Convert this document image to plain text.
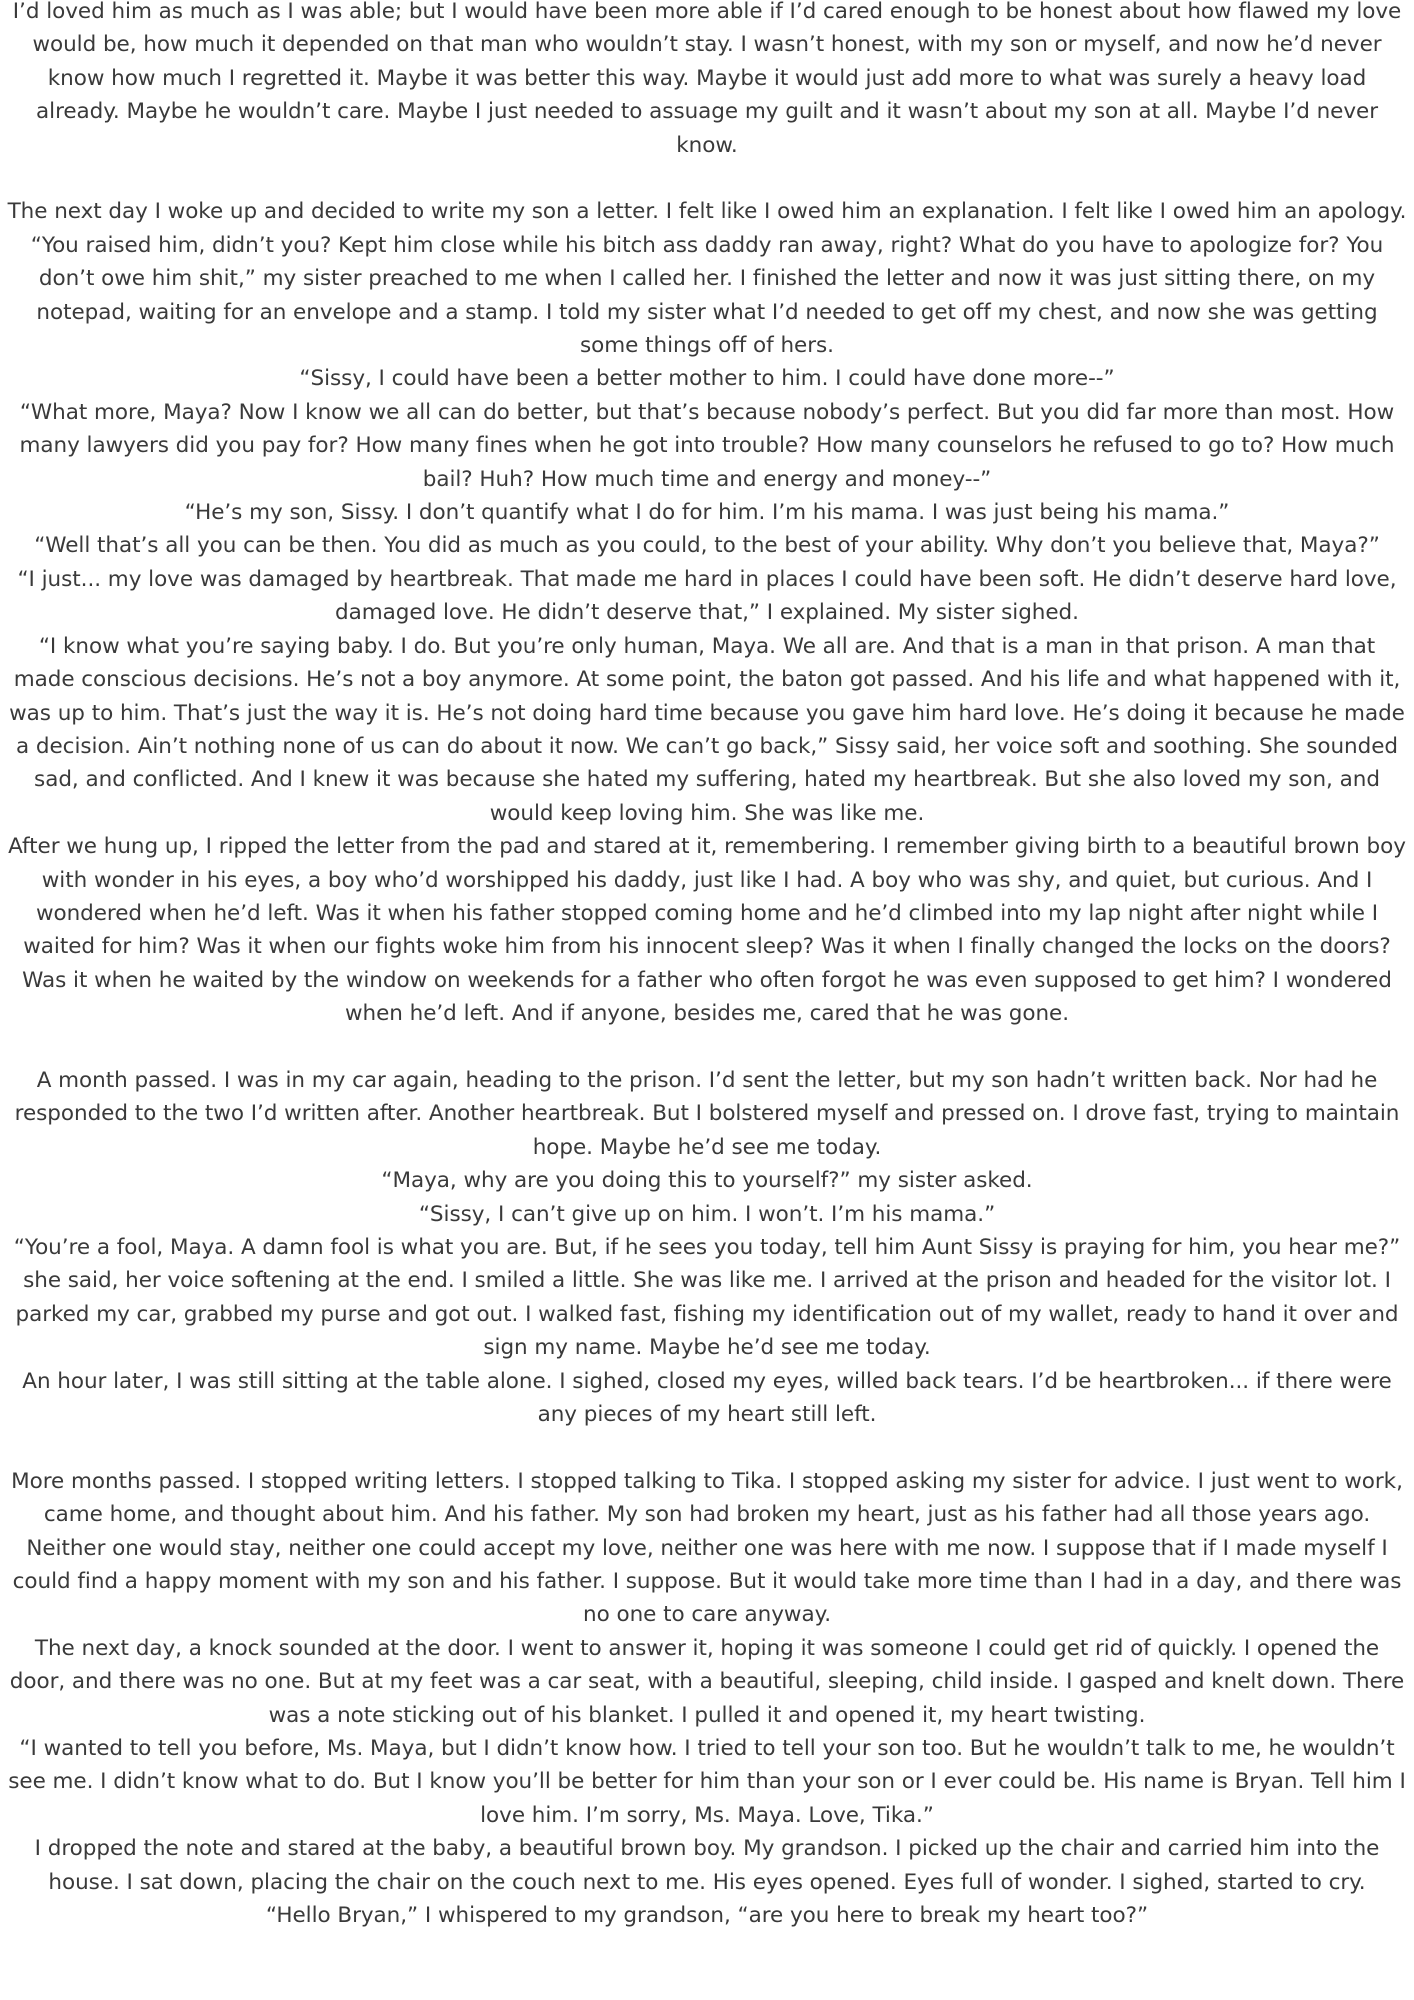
I’d loved him as much as I was able; but I would have been more able if I’d cared enough to be honest about how flawed my love would be, how much it depended on that man who wouldn’t stay. I wasn’t honest, with my son or myself, and now he’d never know how much I regretted it. Maybe it was better this way. Maybe it would just add more to what was surely a heavy load already. Maybe he wouldn’t care. Maybe I just needed to assuage my guilt and it wasn’t about my son at all. Maybe I’d never know.

The next day I woke up and decided to write my son a letter. I felt like I owed him an explanation. I felt like I owed him an apology.

“You raised him, didn’t you? Kept him close while his bitch ass daddy ran away, right? What do you have to apologize for? You don’t owe him shit,” my sister preached to me when I called her. I finished the letter and now it was just sitting there, on my notepad, waiting for an envelope and a stamp. I told my sister what I’d needed to get off my chest, and now she was getting some things off of hers.

“Sissy, I could have been a better mother to him. I could have done more--”

“What more, Maya? Now I know we all can do better, but that’s because nobody’s perfect. But you did far more than most. How many lawyers did you pay for? How many fines when he got into trouble? How many counselors he refused to go to? How much bail? Huh? How much time and energy and money--”

“He’s my son, Sissy. I don’t quantify what I do for him. I’m his mama. I was just being his mama.”

“Well that’s all you can be then. You did as much as you could, to the best of your ability. Why don’t you believe that, Maya?”

“I just... my love was damaged by heartbreak. That made me hard in places I could have been soft. He didn’t deserve hard love, damaged love. He didn’t deserve that,” I explained. My sister sighed.

“I know what you’re saying baby. I do. But you’re only human, Maya. We all are. And that is a man in that prison. A man that made conscious decisions. He’s not a boy anymore. At some point, the baton got passed. And his life and what happened with it, was up to him. That’s just the way it is. He’s not doing hard time because you gave him hard love. He’s doing it because he made a decision. Ain’t nothing none of us can do about it now. We can’t go back,” Sissy said, her voice soft and soothing. She sounded sad, and conflicted. And I knew it was because she hated my suffering, hated my heartbreak. But she also loved my son, and would keep loving him. She was like me.

After we hung up, I ripped the letter from the pad and stared at it, remembering. I remember giving birth to a beautiful brown boy with wonder in his eyes, a boy who’d worshipped his daddy, just like I had. A boy who was shy, and quiet, but curious. And I wondered when he’d left. Was it when his father stopped coming home and he’d climbed into my lap night after night while I waited for him? Was it when our fights woke him from his innocent sleep? Was it when I finally changed the locks on the doors? Was it when he waited by the window on weekends for a father who often forgot he was even supposed to get him? I wondered when he’d left. And if anyone, besides me, cared that he was gone.

A month passed. I was in my car again, heading to the prison. I’d sent the letter, but my son hadn’t written back. Nor had he responded to the two I’d written after. Another heartbreak. But I bolstered myself and pressed on. I drove fast, trying to maintain hope. Maybe he’d see me today.

“Maya, why are you doing this to yourself?” my sister asked.

“Sissy, I can’t give up on him. I won’t. I’m his mama.”

“You’re a fool, Maya. A damn fool is what you are. But, if he sees you today, tell him Aunt Sissy is praying for him, you hear me?” she said, her voice softening at the end. I smiled a little. She was like me. I arrived at the prison and headed for the visitor lot. I parked my car, grabbed my purse and got out. I walked fast, fishing my identification out of my wallet, ready to hand it over and sign my name. Maybe he’d see me today.

An hour later, I was still sitting at the table alone. I sighed, closed my eyes, willed back tears. I’d be heartbroken... if there were any pieces of my heart still left.

More months passed. I stopped writing letters. I stopped talking to Tika. I stopped asking my sister for advice. I just went to work, came home, and thought about him. And his father. My son had broken my heart, just as his father had all those years ago. Neither one would stay, neither one could accept my love, neither one was here with me now. I suppose that if I made myself I could find a happy moment with my son and his father. I suppose. But it would take more time than I had in a day, and there was no one to care anyway.

The next day, a knock sounded at the door. I went to answer it, hoping it was someone I could get rid of quickly. I opened the door, and there was no one. But at my feet was a car seat, with a beautiful, sleeping, child inside. I gasped and knelt down. There was a note sticking out of his blanket. I pulled it and opened it, my heart twisting.

“I wanted to tell you before, Ms. Maya, but I didn’t know how. I tried to tell your son too. But he wouldn’t talk to me, he wouldn’t see me. I didn’t know what to do. But I know you’ll be better for him than your son or I ever could be. His name is Bryan. Tell him I love him. I’m sorry, Ms. Maya. Love, Tika.”

I dropped the note and stared at the baby, a beautiful brown boy. My grandson. I picked up the chair and carried him into the house. I sat down, placing the chair on the couch next to me. His eyes opened. Eyes full of wonder. I sighed, started to cry.

“Hello Bryan,” I whispered to my grandson, “are you here to break my heart too?”
